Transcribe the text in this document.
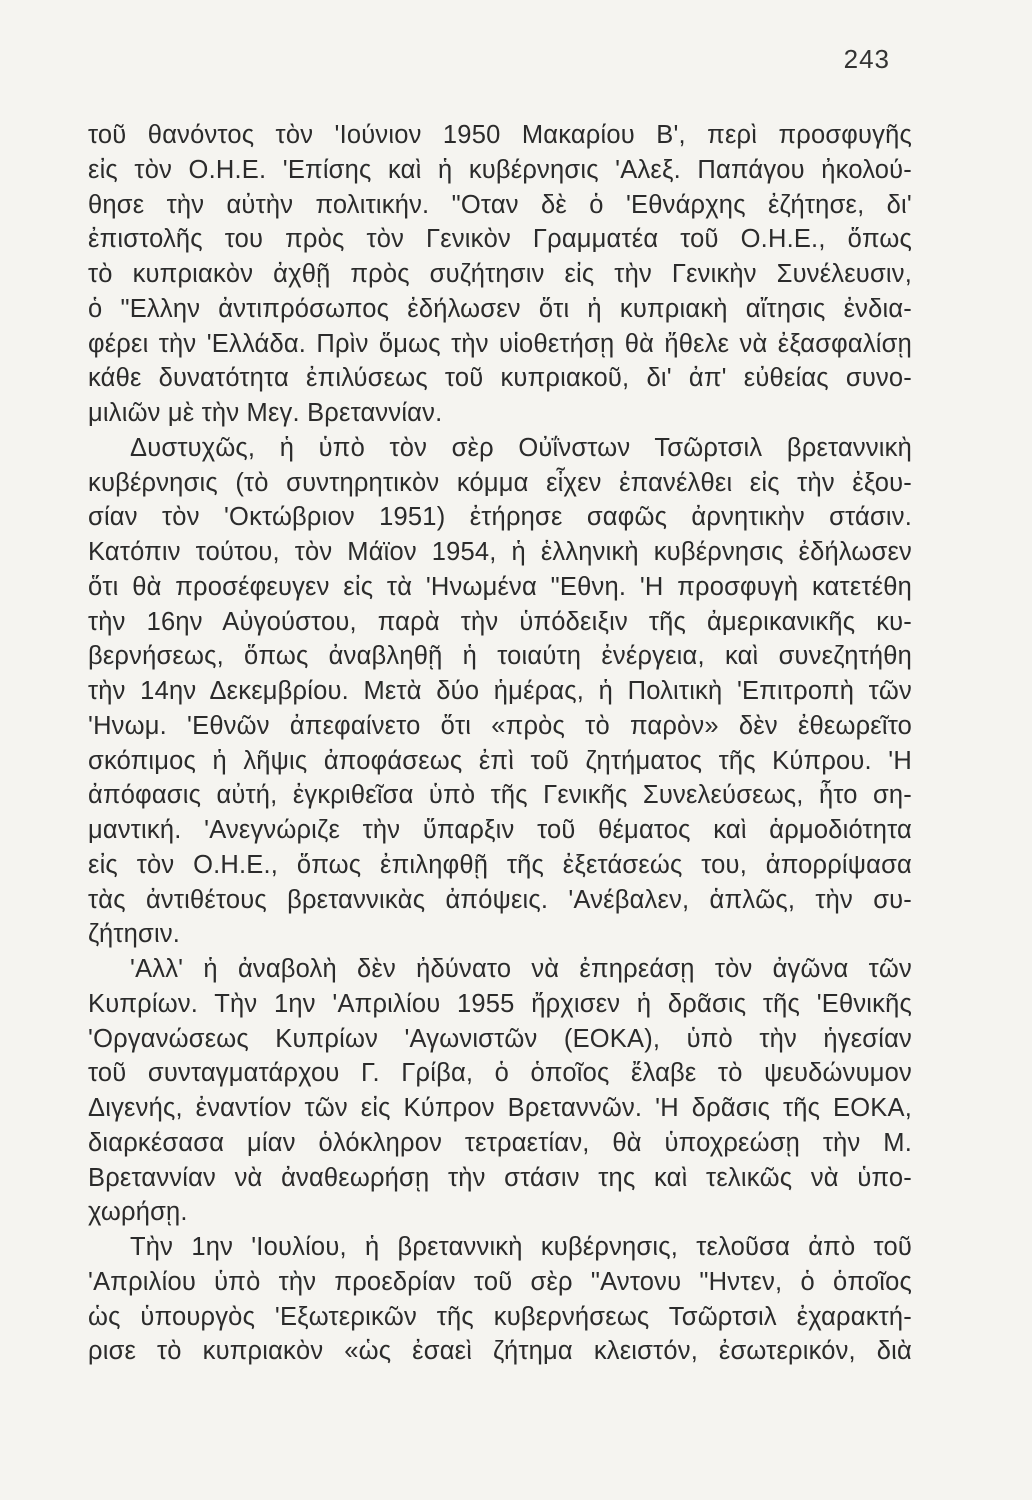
243
τοῦ θανόντος τὸν 'Ιούνιον 1950 Μακαρίου Β', περὶ προσφυγῆς
εἰς τὸν Ο.Η.Ε. 'Επίσης καὶ ἡ κυβέρνησις 'Αλεξ. Παπάγου ἠκολού-
θησε τὴν αὐτὴν πολιτικήν. "Οταν δὲ ὁ 'Εθνάρχης ἐζήτησε, δι'
ἐπιστολῆς του πρὸς τὸν Γενικὸν Γραμματέα τοῦ Ο.Η.Ε., ὅπως
τὸ κυπριακὸν ἀχθῇ πρὸς συζήτησιν εἰς τὴν Γενικὴν Συνέλευσιν,
ὁ "Ελλην ἀντιπρόσωπος ἐδήλωσεν ὅτι ἡ κυπριακὴ αἴτησις ἐνδια-
φέρει τὴν 'Ελλάδα. Πρὶν ὅμως τὴν υἱοθετήσῃ θὰ ἤθελε νὰ ἐξασφαλίσῃ
κάθε δυνατότητα ἐπιλύσεως τοῦ κυπριακοῦ, δι' ἀπ' εὐθείας συνο-
μιλιῶν μὲ τὴν Μεγ. Βρεταννίαν.
Δυστυχῶς, ἡ ὑπὸ τὸν σὲρ Οὐΐνστων Τσῶρτσιλ βρεταννικὴ
κυβέρνησις (τὸ συντηρητικὸν κόμμα εἶχεν ἐπανέλθει εἰς τὴν ἐξου-
σίαν τὸν 'Οκτώβριον 1951) ἐτήρησε σαφῶς ἀρνητικὴν στάσιν.
Κατόπιν τούτου, τὸν Μάϊον 1954, ἡ ἑλληνικὴ κυβέρνησις ἐδήλωσεν
ὅτι θὰ προσέφευγεν εἰς τὰ 'Ηνωμένα "Εθνη. 'Η προσφυγὴ κατετέθη
τὴν 16ην Αὐγούστου, παρὰ τὴν ὑπόδειξιν τῆς ἀμερικανικῆς κυ-
βερνήσεως, ὅπως ἀναβληθῇ ἡ τοιαύτη ἐνέργεια, καὶ συνεζητήθη
τὴν 14ην Δεκεμβρίου. Μετὰ δύο ἡμέρας, ἡ Πολιτικὴ 'Επιτροπὴ τῶν
'Ηνωμ. 'Εθνῶν ἀπεφαίνετο ὅτι «πρὸς τὸ παρὸν» δὲν ἐθεωρεῖτο
σκόπιμος ἡ λῆψις ἀποφάσεως ἐπὶ τοῦ ζητήματος τῆς Κύπρου. 'Η
ἀπόφασις αὐτή, ἐγκριθεῖσα ὑπὸ τῆς Γενικῆς Συνελεύσεως, ἦτο ση-
μαντική. 'Ανεγνώριζε τὴν ὕπαρξιν τοῦ θέματος καὶ ἁρμοδιότητα
εἰς τὸν Ο.Η.Ε., ὅπως ἐπιληφθῇ τῆς ἐξετάσεώς του, ἀπορρίψασα
τὰς ἀντιθέτους βρεταννικὰς ἀπόψεις. 'Ανέβαλεν, ἁπλῶς, τὴν συ-
ζήτησιν.
'Αλλ' ἡ ἀναβολὴ δὲν ἠδύνατο νὰ ἐπηρεάσῃ τὸν ἀγῶνα τῶν
Κυπρίων. Τὴν 1ην 'Απριλίου 1955 ἤρχισεν ἡ δρᾶσις τῆς 'Εθνικῆς
'Οργανώσεως Κυπρίων 'Αγωνιστῶν (ΕΟΚΑ), ὑπὸ τὴν ἡγεσίαν
τοῦ συνταγματάρχου Γ. Γρίβα, ὁ ὁποῖος ἔλαβε τὸ ψευδώνυμον
Διγενής, ἐναντίον τῶν εἰς Κύπρον Βρεταννῶν. 'Η δρᾶσις τῆς ΕΟΚΑ,
διαρκέσασα μίαν ὁλόκληρον τετραετίαν, θὰ ὑποχρεώσῃ τὴν Μ.
Βρεταννίαν νὰ ἀναθεωρήσῃ τὴν στάσιν της καὶ τελικῶς νὰ ὑπο-
χωρήσῃ.
Τὴν 1ην 'Ιουλίου, ἡ βρεταννικὴ κυβέρνησις, τελοῦσα ἀπὸ τοῦ
'Απριλίου ὑπὸ τὴν προεδρίαν τοῦ σὲρ "Αντονυ "Ηντεν, ὁ ὁποῖος
ὡς ὑπουργὸς 'Εξωτερικῶν τῆς κυβερνήσεως Τσῶρτσιλ ἐχαρακτή-
ρισε τὸ κυπριακὸν «ὡς ἐσαεὶ ζήτημα κλειστόν, ἐσωτερικόν, διὰ
